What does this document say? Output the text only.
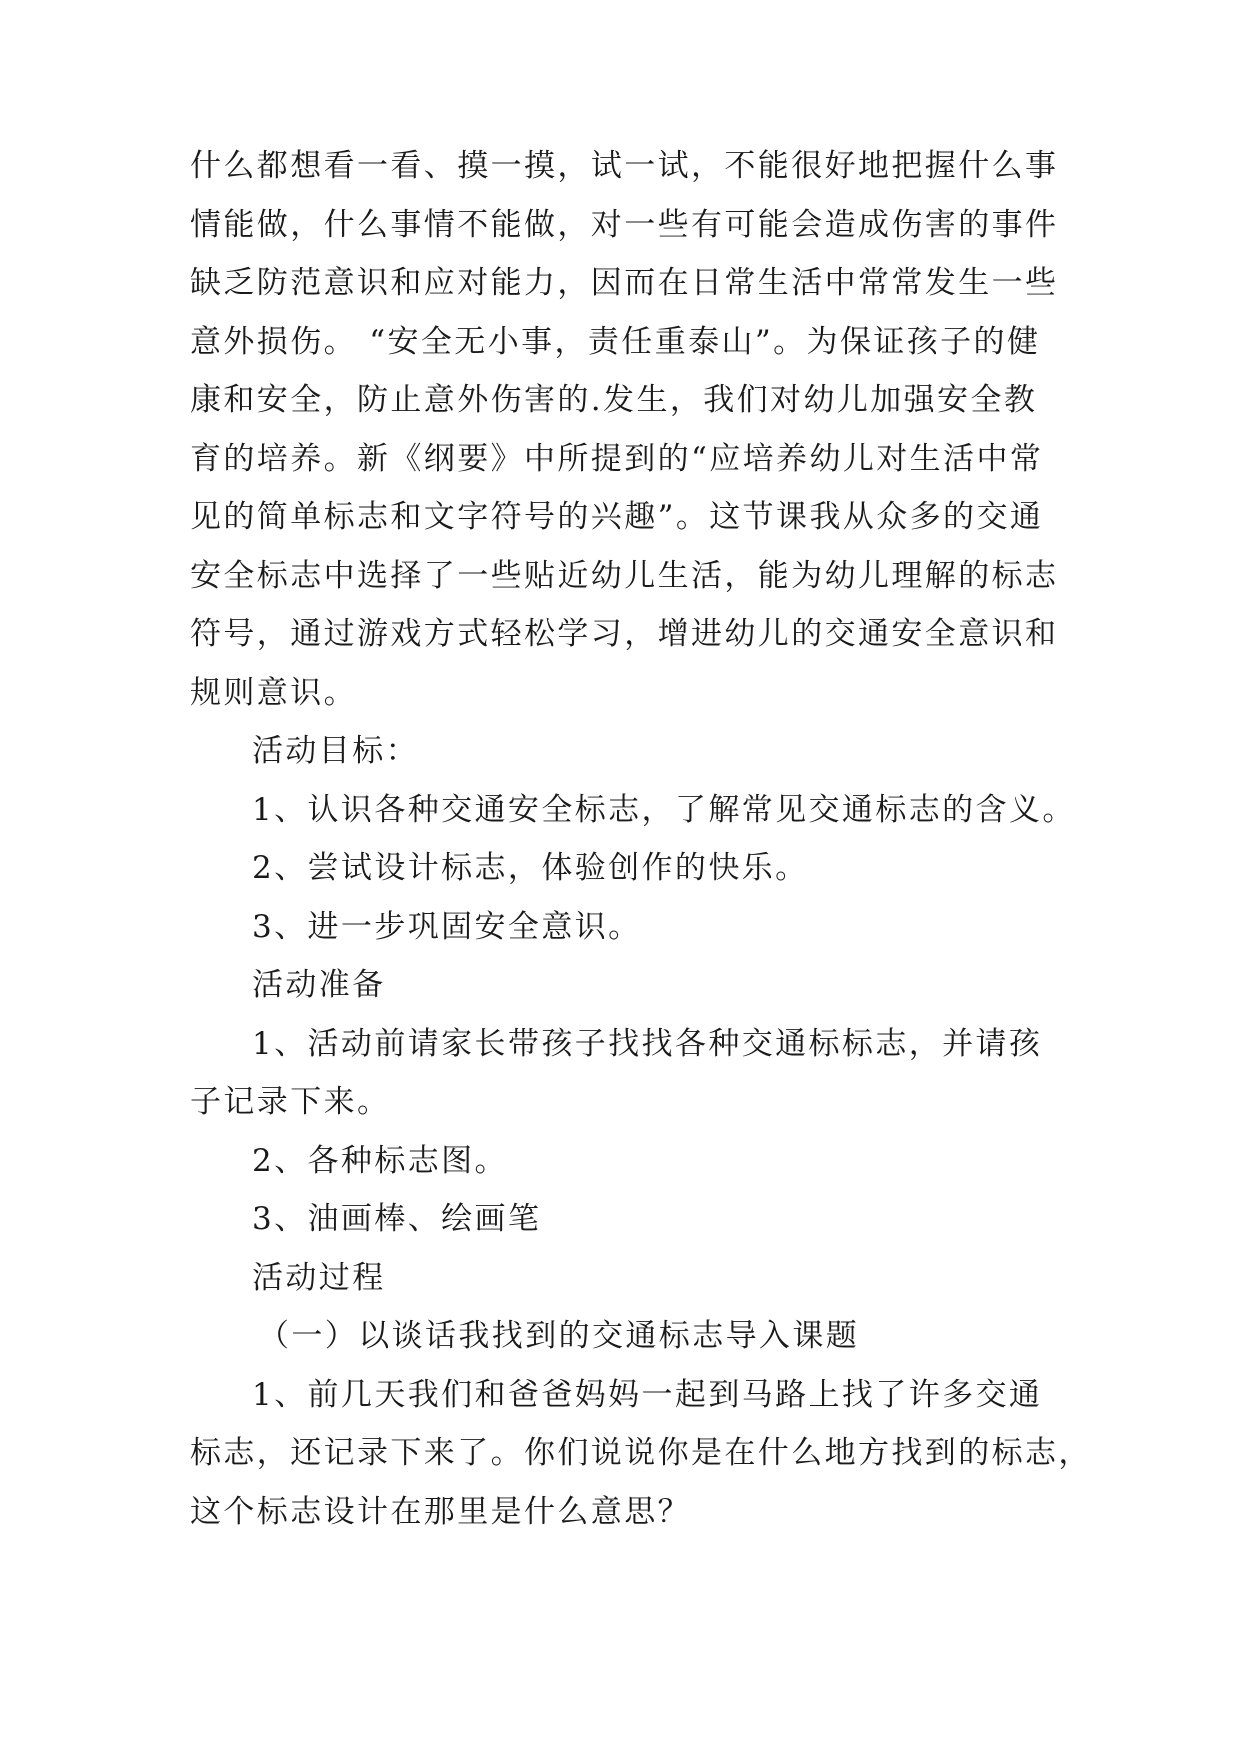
什么都想看一看、摸一摸，试一试，不能很好地把握什么事
情能做，什么事情不能做，对一些有可能会造成伤害的事件
缺乏防范意识和应对能力，因而在日常生活中常常发生一些
意外损伤。 “安全无小事，责任重泰山”。为保证孩子的健
康和安全，防止意外伤害的.发生，我们对幼儿加强安全教
育的培养。新《纲要》中所提到的“应培养幼儿对生活中常
见的简单标志和文字符号的兴趣”。这节课我从众多的交通
安全标志中选择了一些贴近幼儿生活，能为幼儿理解的标志
符号，通过游戏方式轻松学习，增进幼儿的交通安全意识和
规则意识。
活动目标：
1、认识各种交通安全标志，了解常见交通标志的含义。
2、尝试设计标志，体验创作的快乐。
3、进一步巩固安全意识。
活动准备
1、活动前请家长带孩子找找各种交通标标志，并请孩
子记录下来。
2、各种标志图。
3、油画棒、绘画笔
活动过程
（一）以谈话我找到的交通标志导入课题
1、前几天我们和爸爸妈妈一起到马路上找了许多交通
标志，还记录下来了。你们说说你是在什么地方找到的标志，
这个标志设计在那里是什么意思？
